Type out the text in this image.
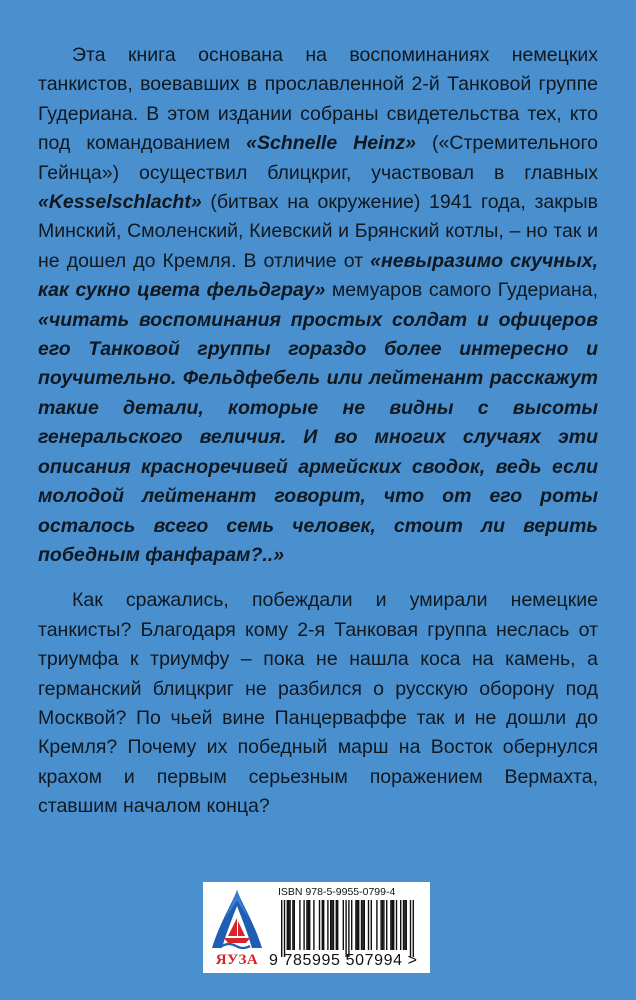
Эта книга основана на воспоминаниях немецких танкистов, воевавших в прославленной 2-й Танковой группе Гудериана. В этом издании собраны свидетельства тех, кто под командованием «Schnelle Heinz» («Стремительного Гейнца») осуществил блицкриг, участвовал в главных «Kesselschlacht» (битвах на окружение) 1941 года, закрыв Минский, Смоленский, Киевский и Брянский котлы, – но так и не дошел до Кремля. В отличие от «невыразимо скучных, как сукно цвета фельдграу» мемуаров самого Гудериана, «читать воспоминания простых солдат и офицеров его Танковой группы гораздо более интересно и поучительно. Фельдфебель или лейтенант расскажут такие детали, которые не видны с высоты генеральского величия. И во многих случаях эти описания красноречивей армейских сводок, ведь если молодой лейтенант говорит, что от его роты осталось всего семь человек, стоит ли верить победным фанфарам?..»

Как сражались, побеждали и умирали немецкие танкисты? Благодаря кому 2-я Танковая группа неслась от триумфа к триумфу – пока не нашла коса на камень, а германский блицкриг не разбился о русскую оборону под Москвой? По чьей вине Панцерваффе так и не дошли до Кремля? Почему их победный марш на Восток обернулся крахом и первым серьезным поражением Вермахта, ставшим началом конца?

ЯУЗА
ISBN 978-5-9955-0799-4
9 785995 507994 >
